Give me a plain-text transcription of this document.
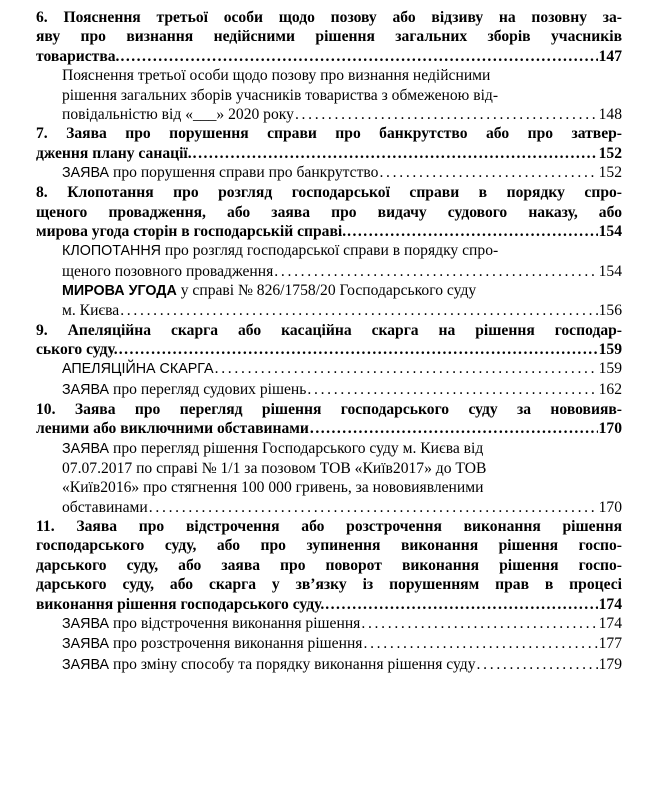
6. Пояснення третьої особи щодо позову або відзиву на позовну за-
яву про визнання недійсними рішення загальних зборів учасників
товариства. . . .	147
Пояснення третьої особи щодо позову про визнання недійсними
рішення загальних зборів учасників товариства з обмеженою від-
повідальністю від «___» 2020 року . . .	148
7. Заява про порушення справи про банкрутство або про затвер-
дження плану санації. . . .	152
ЗАЯВА про порушення справи про банкрутство . . .	152
8. Клопотання про розгляд господарської справи в порядку спро-
щеного провадження, або заява про видачу судового наказу, або
мирова угода сторін в господарській справі. . . .	154
КЛОПОТАННЯ про розгляд господарської справи в порядку спро-
щеного позовного провадження . . .	154
МИРОВА УГОДА у справі № 826/1758/20 Господарського суду
м. Києва . . .	156
9. Апеляційна скарга або касаційна скарга на рішення господар-
ського суду. . . .	159
АПЕЛЯЦІЙНА СКАРГА . . .	159
ЗАЯВА про перегляд судових рішень . . .	162
10. Заява про перегляд рішення господарського суду за нововияв-
леними або виключними обставинами . . .	170
ЗАЯВА про перегляд рішення Господарського суду м. Києва від
07.07.2017 по справі № 1/1 за позовом ТОВ «Київ2017» до ТОВ
«Київ2016» про стягнення 100 000 гривень, за нововиявленими
обставинами . . .	170
11. Заява про відстрочення або розстрочення виконання рішення
господарського суду, або про зупинення виконання рішення госпо-
дарського суду, або заява про поворот виконання рішення госпо-
дарського суду, або скарга у зв’язку із порушенням прав в процесі
виконання рішення господарського суду. . . .	174
ЗАЯВА про відстрочення виконання рішення . . .	174
ЗАЯВА про розстрочення виконання рішення . . .	177
ЗАЯВА про зміну способу та порядку виконання рішення суду . . .	179
